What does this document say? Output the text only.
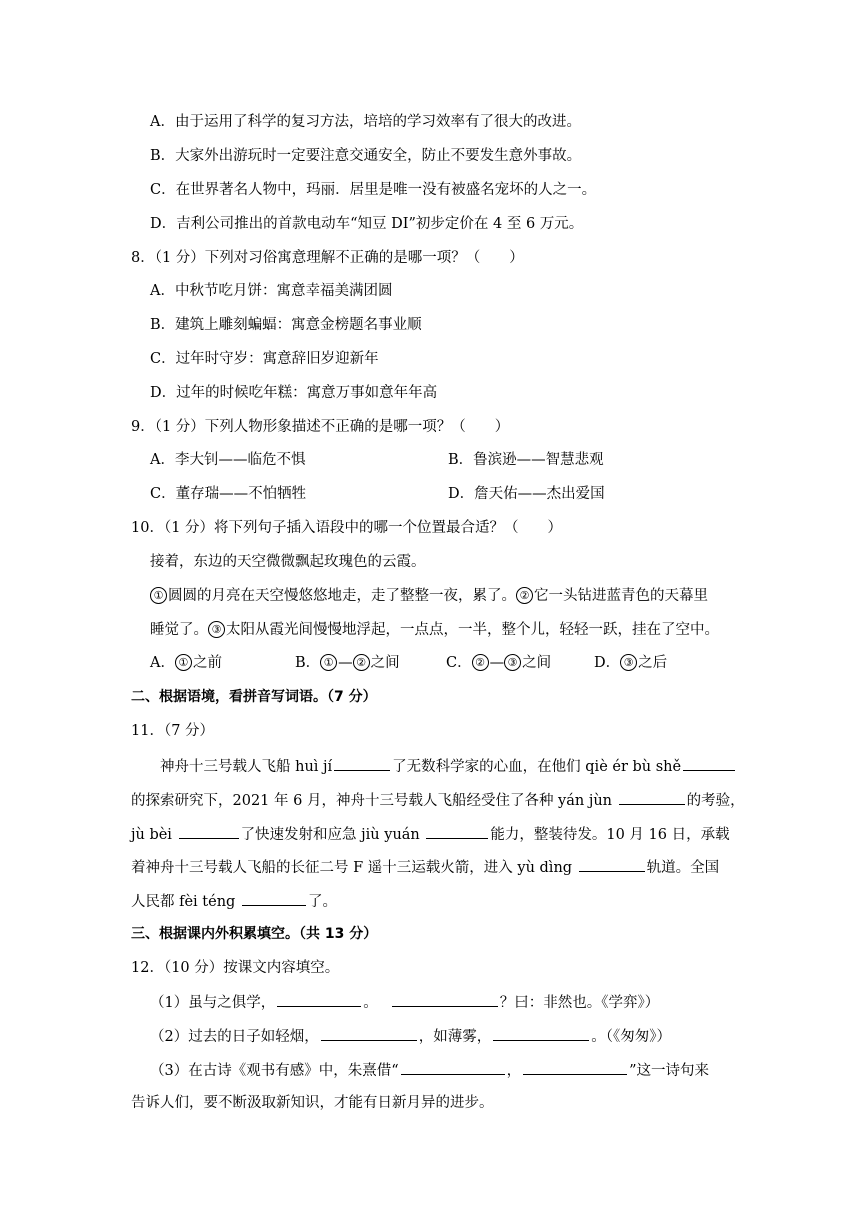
A．由于运用了科学的复习方法，培培的学习效率有了很大的改进。
B．大家外出游玩时一定要注意交通安全，防止不要发生意外事故。
C．在世界著名人物中，玛丽．居里是唯一没有被盛名宠坏的人之一。
D．吉利公司推出的首款电动车“知豆 DI”初步定价在 4 至 6 万元。
8．（1 分）下列对习俗寓意理解不正确的是哪一项？（　　）
A．中秋节吃月饼：寓意幸福美满团圆
B．建筑上雕刻蝙蝠：寓意金榜题名事业顺
C．过年时守岁：寓意辞旧岁迎新年
D．过年的时候吃年糕：寓意万事如意年年高
9．（1 分）下列人物形象描述不正确的是哪一项？（　　）
A．李大钊——临危不惧	B．鲁滨逊——智慧悲观
C．董存瑞——不怕牺牲	D．詹天佑——杰出爱国
10．（1 分）将下列句子插入语段中的哪一个位置最合适？（　　）
接着，东边的天空微微飘起玫瑰色的云霞。
① 圆圆的月亮在天空慢悠悠地走，走了整整一夜，累了。 ② 它一头钻进蓝青色的天幕里
睡觉了。 ③ 太阳从霞光间慢慢地浮起，一点点，一半，整个儿，轻轻一跃，挂在了空中。
A． ① 之前	B． ① — ② 之间	C． ② — ③ 之间	D． ③ 之后
二、根据语境，看拼音写词语。（7 分）
11．（7 分）
神舟十三号载人飞船 huì jí	了无数科学家的心血，在他们 qiè ér bù shě
的探索研究下，2021 年 6 月，神舟十三号载人飞船经受住了各种 yán jùn	的考验，
jù bèi	了快速发射和应急 jiù yuán	能力，整装待发。10 月 16 日，承载
着神舟十三号载人飞船的长征二号 F 遥十三运载火箭，进入 yù dìng	轨道。全国
人民都 fèi téng	了。
三、根据课内外积累填空。（共 13 分）
12．（10 分）按课文内容填空。
（1）虽与之俱学，	。	？曰：非然也。《学弈》）
（2）过去的日子如轻烟，	，如薄雾，	。（《匆匆》）
（3）在古诗《观书有感》中，朱熹借“	，	”这一诗句来
告诉人们，要不断汲取新知识，才能有日新月异的进步。
